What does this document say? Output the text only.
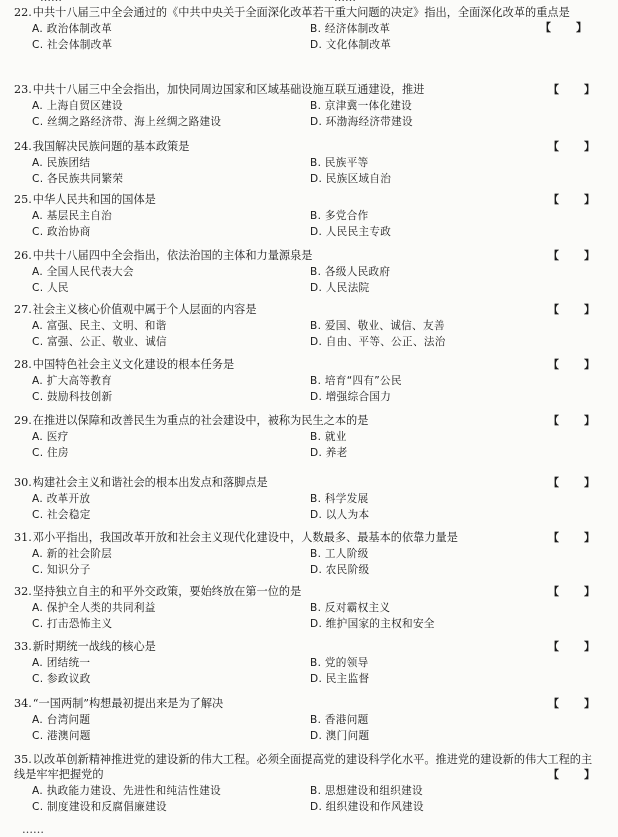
22.中共十八届三中全会通过的《中共中央关于全面深化改革若干重大问题的决定》指出，全面深化改革的重点是
【 】
A. 政治体制改革	B. 经济体制改革
C. 社会体制改革	D. 文化体制改革
23.中共十八届三中全会指出，加快同周边国家和区域基础设施互联互通建设，推进	【 】
A. 上海自贸区建设	B. 京津冀一体化建设
C. 丝绸之路经济带、海上丝绸之路建设	D. 环渤海经济带建设
24.我国解决民族问题的基本政策是	【 】
A. 民族团结	B. 民族平等
C. 各民族共同繁荣	D. 民族区域自治
25.中华人民共和国的国体是	【 】
A. 基层民主自治	B. 多党合作
C. 政治协商	D. 人民民主专政
26.中共十八届四中全会指出，依法治国的主体和力量源泉是	【 】
A. 全国人民代表大会	B. 各级人民政府
C. 人民	D. 人民法院
27.社会主义核心价值观中属于个人层面的内容是	【 】
A. 富强、民主、文明、和谐	B. 爱国、敬业、诚信、友善
C. 富强、公正、敬业、诚信	D. 自由、平等、公正、法治
28.中国特色社会主义文化建设的根本任务是	【 】
A. 扩大高等教育	B. 培育“四有”公民
C. 鼓励科技创新	D. 增强综合国力
29.在推进以保障和改善民生为重点的社会建设中，被称为民生之本的是	【 】
A. 医疗	B. 就业
C. 住房	D. 养老
30.构建社会主义和谐社会的根本出发点和落脚点是	【 】
A. 改革开放	B. 科学发展
C. 社会稳定	D. 以人为本
31.邓小平指出，我国改革开放和社会主义现代化建设中，人数最多、最基本的依靠力量是	【 】
A. 新的社会阶层	B. 工人阶级
C. 知识分子	D. 农民阶级
32.坚持独立自主的和平外交政策，要始终放在第一位的是	【 】
A. 保护全人类的共同利益	B. 反对霸权主义
C. 打击恐怖主义	D. 维护国家的主权和安全
33.新时期统一战线的核心是	【 】
A. 团结统一	B. 党的领导
C. 参政议政	D. 民主监督
34.“一国两制”构想最初提出来是为了解决	【 】
A. 台湾问题	B. 香港问题
C. 港澳问题	D. 澳门问题
35.以改革创新精神推进党的建设新的伟大工程。必须全面提高党的建设科学化水平。推进党的建设新的伟大工程的主线是牢牢把握党的	【 】
A. 执政能力建设、先进性和纯洁性建设	B. 思想建设和组织建设
C. 制度建设和反腐倡廉建设	D. 组织建设和作风建设
……
